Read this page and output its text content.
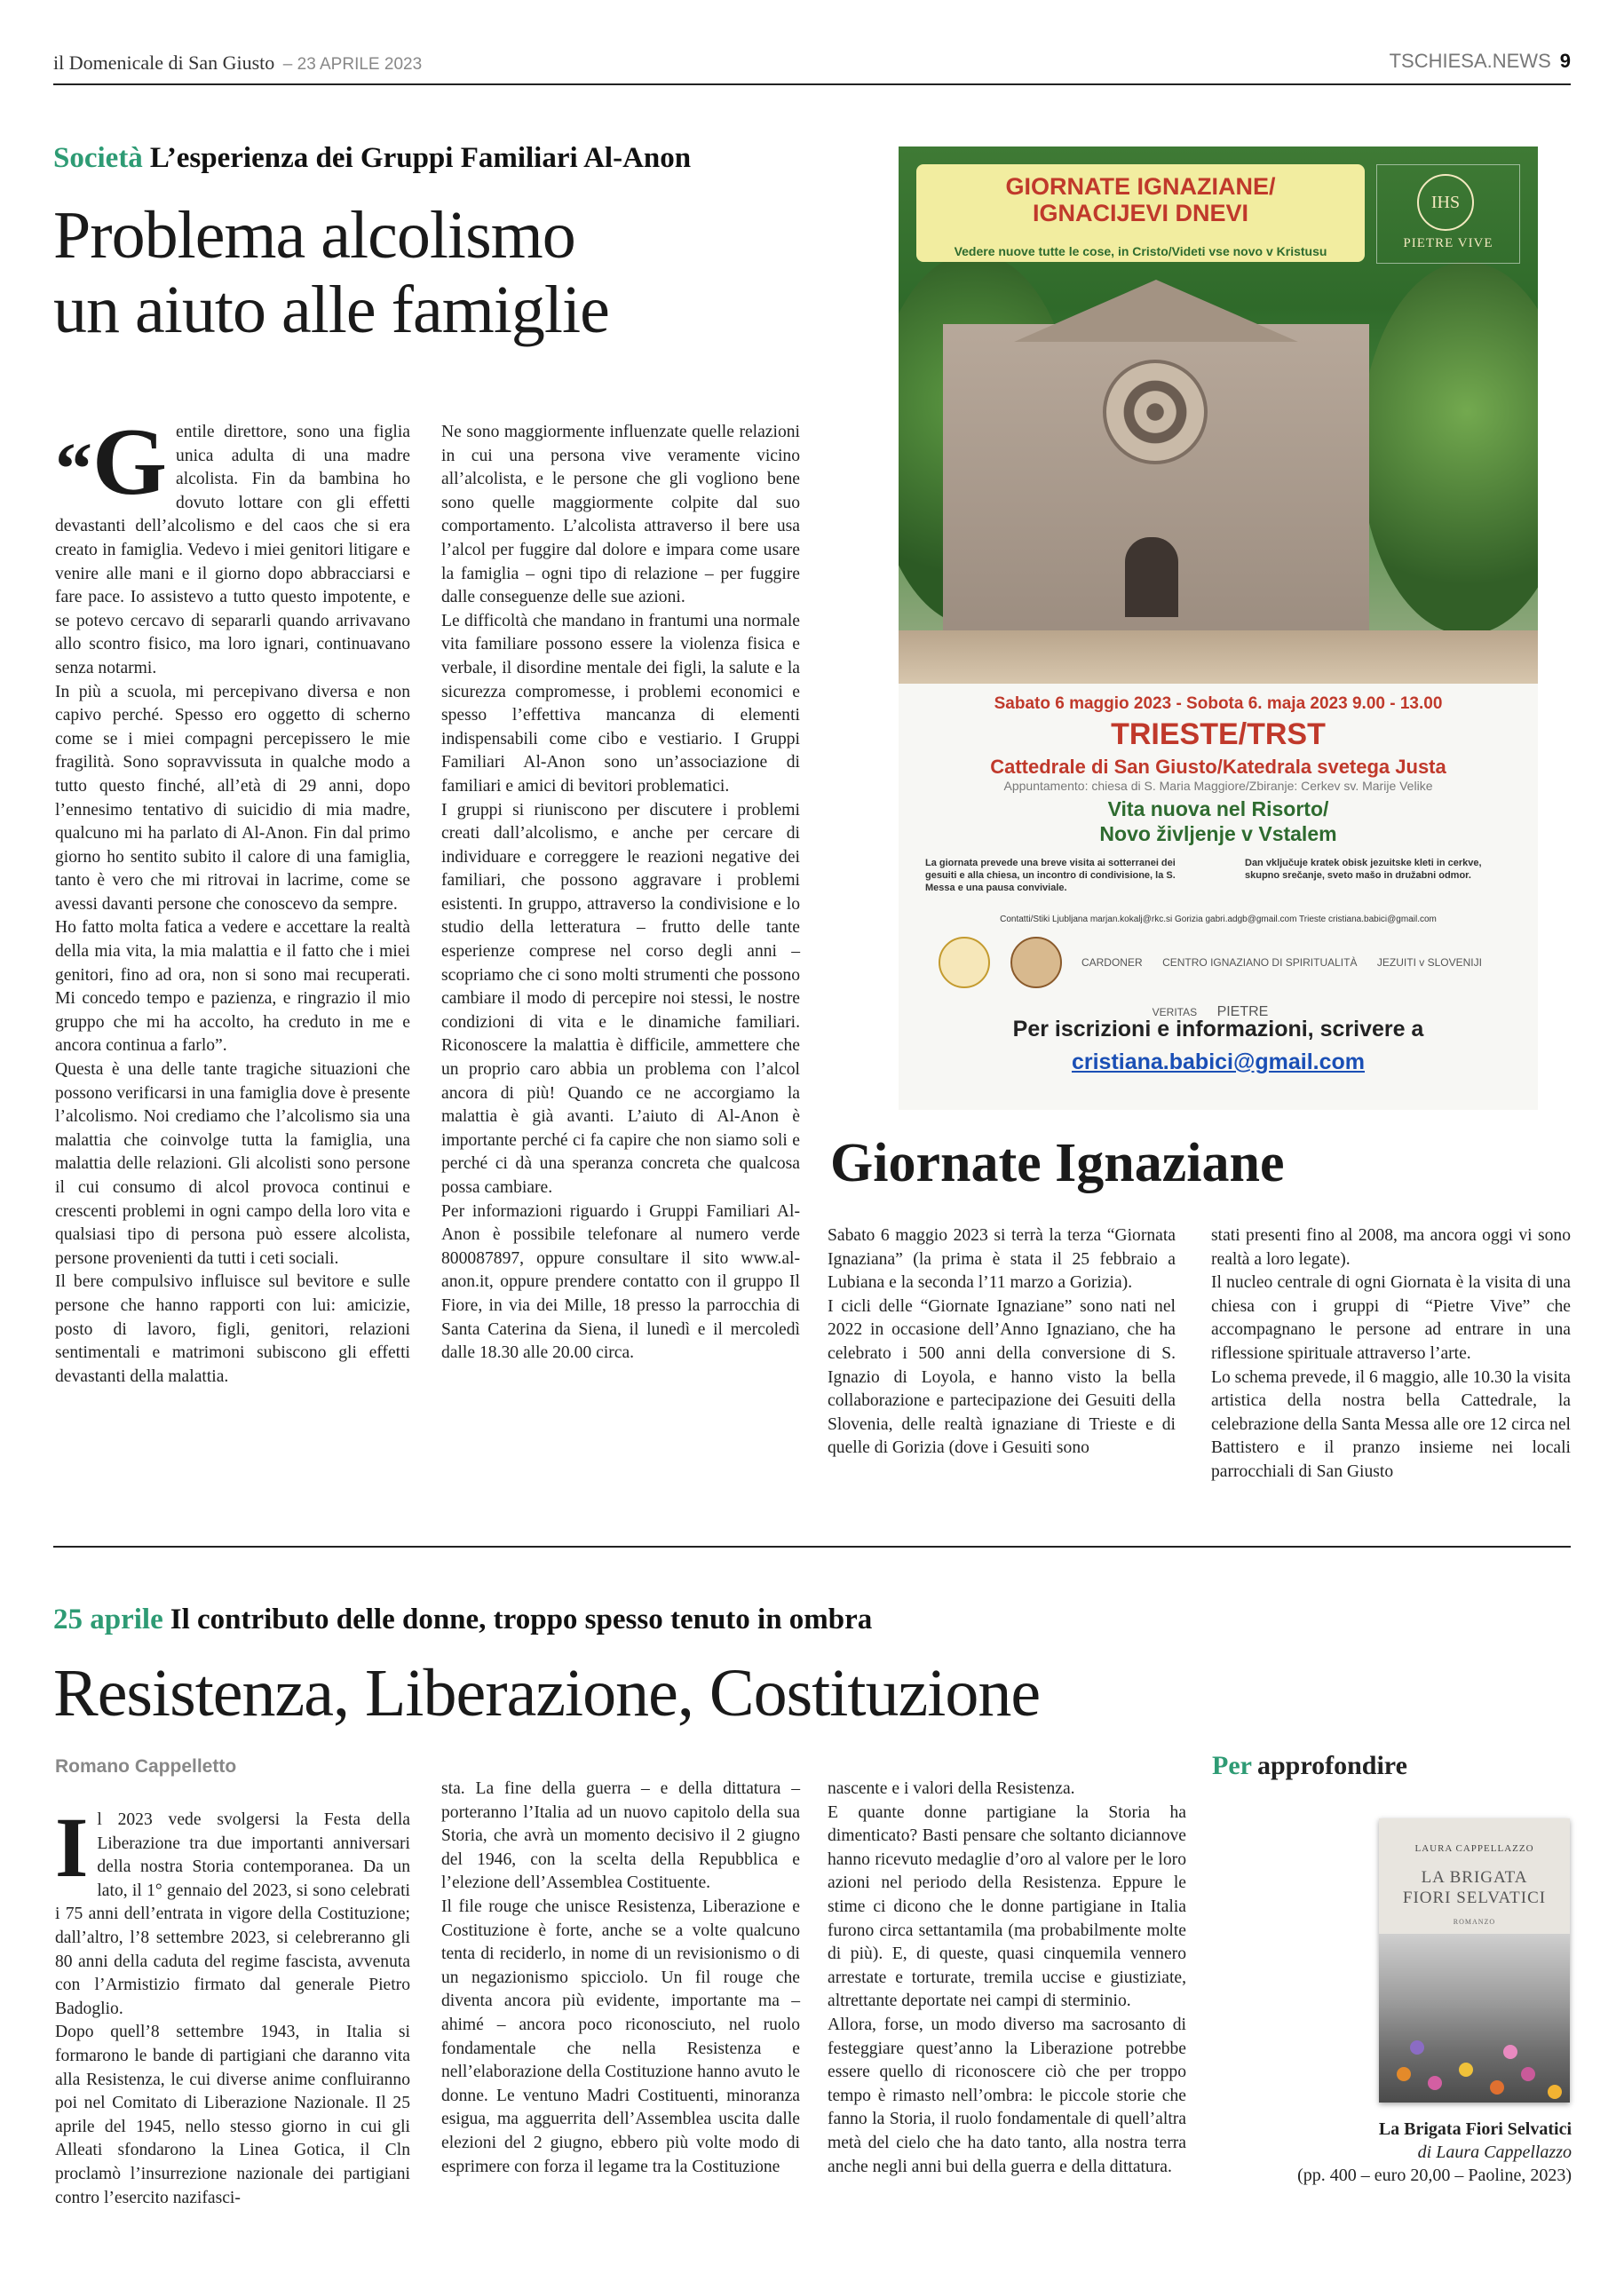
il Domenicale di San Giusto – 23 APRILE 2023	TSCHIESA.NEWS 9
Società L’esperienza dei Gruppi Familiari Al-Anon
Problema alcolismo
un aiuto alle famiglie

“G entile direttore, sono una figlia unica adulta di una madre alcolista. Fin da bambina ho dovuto lottare con gli effetti devastanti dell’alcolismo e del caos che si era creato in famiglia. Vedevo i miei genitori litigare e venire alle mani e il giorno dopo abbracciarsi e fare pace. Io assistevo a tutto questo impotente, e se potevo cercavo di separarli quando arrivavano allo scontro fisico, ma loro ignari, continuavano senza notarmi.

In più a scuola, mi percepivano diversa e non capivo perché. Spesso ero oggetto di scherno come se i miei compagni percepissero le mie fragilità. Sono sopravvissuta in qualche modo a tutto questo finché, all’età di 29 anni, dopo l’ennesimo tentativo di suicidio di mia madre, qualcuno mi ha parlato di Al-Anon. Fin dal primo giorno ho sentito subito il calore di una famiglia, tanto è vero che mi ritrovai in lacrime, come se avessi davanti persone che conoscevo da sempre.

Ho fatto molta fatica a vedere e accettare la realtà della mia vita, la mia malattia e il fatto che i miei genitori, fino ad ora, non si sono mai recuperati. Mi concedo tempo e pazienza, e ringrazio il mio gruppo che mi ha accolto, ha creduto in me e ancora continua a farlo”.

Questa è una delle tante tragiche situazioni che possono verificarsi in una famiglia dove è presente l’alcolismo. Noi crediamo che l’alcolismo sia una malattia che coinvolge tutta la famiglia, una malattia delle relazioni. Gli alcolisti sono persone il cui consumo di alcol provoca continui e crescenti problemi in ogni campo della loro vita e qualsiasi tipo di persona può essere alcolista, persone provenienti da tutti i ceti sociali.

Il bere compulsivo influisce sul bevitore e sulle persone che hanno rapporti con lui: amicizie, posto di lavoro, figli, genitori, relazioni sentimentali e matrimoni subiscono gli effetti devastanti della malattia.

Ne sono maggiormente influenzate quelle relazioni in cui una persona vive veramente vicino all’alcolista, e le persone che gli vogliono bene sono quelle maggiormente colpite dal suo comportamento. L’alcolista attraverso il bere usa l’alcol per fuggire dal dolore e impara come usare la famiglia – ogni tipo di relazione – per fuggire dalle conseguenze delle sue azioni.

Le difficoltà che mandano in frantumi una normale vita familiare possono essere la violenza fisica e verbale, il disordine mentale dei figli, la salute e la sicurezza compromesse, i problemi economici e spesso l’effettiva mancanza di elementi indispensabili come cibo e vestiario. I Gruppi Familiari Al-Anon sono un’associazione di familiari e amici di bevitori problematici.

I gruppi si riuniscono per discutere i problemi creati dall’alcolismo, e anche per cercare di individuare e correggere le reazioni negative dei familiari, che possono aggravare i problemi esistenti. In gruppo, attraverso la condivisione e lo studio della letteratura – frutto delle tante esperienze comprese nel corso degli anni – scopriamo che ci sono molti strumenti che possono cambiare il modo di percepire noi stessi, le nostre condizioni di vita e le dinamiche familiari. Riconoscere la malattia è difficile, ammettere che un proprio caro abbia un problema con l’alcol ancora di più! Quando ce ne accorgiamo la malattia è già avanti. L’aiuto di Al-Anon è importante perché ci fa capire che non siamo soli e perché ci dà una speranza concreta che qualcosa possa cambiare.

Per informazioni riguardo i Gruppi Familiari Al-Anon è possibile telefonare al numero verde 800087897, oppure consultare il sito www.al-anon.it, oppure prendere contatto con il gruppo Il Fiore, in via dei Mille, 18 presso la parrocchia di Santa Caterina da Siena, il lunedì e il mercoledì dalle 18.30 alle 20.00 circa.

GIORNATE IGNAZIANE/
IGNACIJEVI DNEVI
Vedere nuove tutte le cose, in Cristo/Videti vse novo v Kristusu
IHS
PIETRE VIVE
Sabato 6 maggio 2023 - Sobota 6. maja 2023 9.00 - 13.00
TRIESTE/TRST
Cattedrale di San Giusto/Katedrala svetega Justa
Appuntamento: chiesa di S. Maria Maggiore/Zbiranje: Cerkev sv. Marije Velike
Vita nuova nel Risorto/
Novo življenje v Vstalem
La giornata prevede una breve visita ai sotterranei dei gesuiti e alla chiesa, un incontro di condivisione, la S. Messa e una pausa conviviale.
Dan vključuje kratek obisk jezuitske kleti in cerkve, skupno srečanje, sveto mašo in družabni odmor.
Contatti/Stiki Ljubljana marjan.kokalj@rkc.si Gorizia gabri.adgb@gmail.com Trieste cristiana.babici@gmail.com
CARDONER CENTRO IGNAZIANO DI SPIRITUALITÀ JEZUITI v SLOVENIJI VERITAS PIETRE
Per iscrizioni e informazioni, scrivere a
cristiana.babici@gmail.com
Giornate Ignaziane

Sabato 6 maggio 2023 si terrà la terza “Giornata Ignaziana” (la prima è stata il 25 febbraio a Lubiana e la seconda l’11 marzo a Gorizia).

I cicli delle “Giornate Ignaziane” sono nati nel 2022 in occasione dell’Anno Ignaziano, che ha celebrato i 500 anni della conversione di S. Ignazio di Loyola, e hanno visto la bella collaborazione e partecipazione dei Gesuiti della Slovenia, delle realtà ignaziane di Trieste e di quelle di Gorizia (dove i Gesuiti sono

stati presenti fino al 2008, ma ancora oggi vi sono realtà a loro legate).

Il nucleo centrale di ogni Giornata è la visita di una chiesa con i gruppi di “Pietre Vive” che accompagnano le persone ad entrare in una riflessione spirituale attraverso l’arte.

Lo schema prevede, il 6 maggio, alle 10.30 la visita artistica della nostra bella Cattedrale, la celebrazione della Santa Messa alle ore 12 circa nel Battistero e il pranzo insieme nei locali parrocchiali di San Giusto

25 aprile Il contributo delle donne, troppo spesso tenuto in ombra
Resistenza, Liberazione, Costituzione
Romano Cappelletto

Il 2023 vede svolgersi la Festa della Liberazione tra due importanti anniversari della nostra Storia contemporanea. Da un lato, il 1° gennaio del 2023, si sono celebrati i 75 anni dell’entrata in vigore della Costituzione; dall’altro, l’8 settembre 2023, si celebreranno gli 80 anni della caduta del regime fascista, avvenuta con l’Armistizio firmato dal generale Pietro Badoglio.

Dopo quell’8 settembre 1943, in Italia si formarono le bande di partigiani che daranno vita alla Resistenza, le cui diverse anime confluiranno poi nel Comitato di Liberazione Nazionale. Il 25 aprile del 1945, nello stesso giorno in cui gli Alleati sfondarono la Linea Gotica, il Cln proclamò l’insurrezione nazionale dei partigiani contro l’esercito nazifasci-

sta. La fine della guerra – e della dittatura – porteranno l’Italia ad un nuovo capitolo della sua Storia, che avrà un momento decisivo il 2 giugno del 1946, con la scelta della Repubblica e l’elezione dell’Assemblea Costituente.

Il file rouge che unisce Resistenza, Liberazione e Costituzione è forte, anche se a volte qualcuno tenta di reciderlo, in nome di un revisionismo o di un negazionismo spicciolo. Un fil rouge che diventa ancora più evidente, importante ma – ahimé – ancora poco riconosciuto, nel ruolo fondamentale che nella Resistenza e nell’elaborazione della Costituzione hanno avuto le donne. Le ventuno Madri Costituenti, minoranza esigua, ma agguerrita dell’Assemblea uscita dalle elezioni del 2 giugno, ebbero più volte modo di esprimere con forza il legame tra la Costituzione

nascente e i valori della Resistenza.

E quante donne partigiane la Storia ha dimenticato? Basti pensare che soltanto diciannove hanno ricevuto medaglie d’oro al valore per le loro azioni nel periodo della Resistenza. Eppure le stime ci dicono che le donne partigiane in Italia furono circa settantamila (ma probabilmente molte di più). E, di queste, quasi cinquemila vennero arrestate e torturate, tremila uccise e giustiziate, altrettante deportate nei campi di sterminio.

Allora, forse, un modo diverso ma sacrosanto di festeggiare quest’anno la Liberazione potrebbe essere quello di riconoscere ciò che per troppo tempo è rimasto nell’ombra: le piccole storie che fanno la Storia, il ruolo fondamentale di quell’altra metà del cielo che ha dato tanto, alla nostra terra anche negli anni bui della guerra e della dittatura.

Per approfondire
LAURA CAPPELLAZZO
LA BRIGATA
FIORI SELVATICI
ROMANZO
La Brigata Fiori Selvatici
di Laura Cappellazzo
(pp. 400 – euro 20,00 – Paoline, 2023)
